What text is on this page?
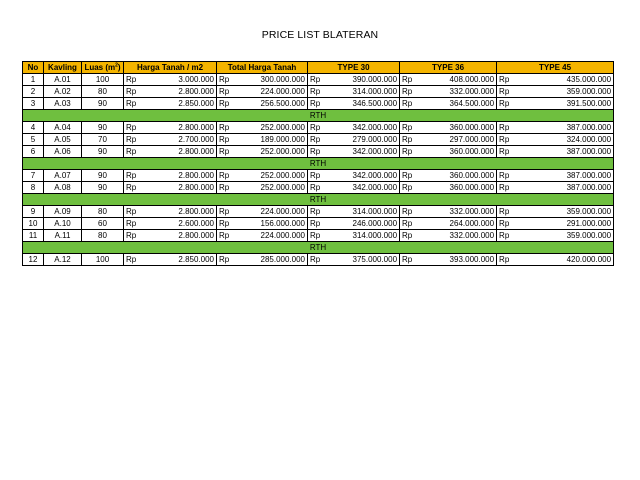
PRICE LIST BLATERAN
No	Kavling	Luas $(m^2)$	Harga Tanah / m2		Total Harga Tanah		TYPE 30		TYPE 36		TYPE 45	
1	A.01	100	Rp	3.000.000	Rp	300.000.000	Rp	390.000.000	Rp	408.000.000	Rp	435.000.000
2	A.02	80	Rp	2.800.000	Rp	224.000.000	Rp	314.000.000	Rp	332.000.000	Rp	359.000.000
3	A.03	90	Rp	2.850.000	Rp	256.500.000	Rp	346.500.000	Rp	364.500.000	Rp	391.500.000
RTH												
4	A.04	90	Rp	2.800.000	Rp	252.000.000	Rp	342.000.000	Rp	360.000.000	Rp	387.000.000
5	A.05	70	Rp	2.700.000	Rp	189.000.000	Rp	279.000.000	Rp	297.000.000	Rp	324.000.000
6	A.06	90	Rp	2.800.000	Rp	252.000.000	Rp	342.000.000	Rp	360.000.000	Rp	387.000.000
RTH												
7	A.07	90	Rp	2.800.000	Rp	252.000.000	Rp	342.000.000	Rp	360.000.000	Rp	387.000.000
8	A.08	90	Rp	2.800.000	Rp	252.000.000	Rp	342.000.000	Rp	360.000.000	Rp	387.000.000
RTH												
9	A.09	80	Rp	2.800.000	Rp	224.000.000	Rp	314.000.000	Rp	332.000.000	Rp	359.000.000
10	A.10	60	Rp	2.600.000	Rp	156.000.000	Rp	246.000.000	Rp	264.000.000	Rp	291.000.000
11	A.11	80	Rp	2.800.000	Rp	224.000.000	Rp	314.000.000	Rp	332.000.000	Rp	359.000.000
RTH												
12	A.12	100	Rp	2.850.000	Rp	285.000.000	Rp	375.000.000	Rp	393.000.000	Rp	420.000.000
